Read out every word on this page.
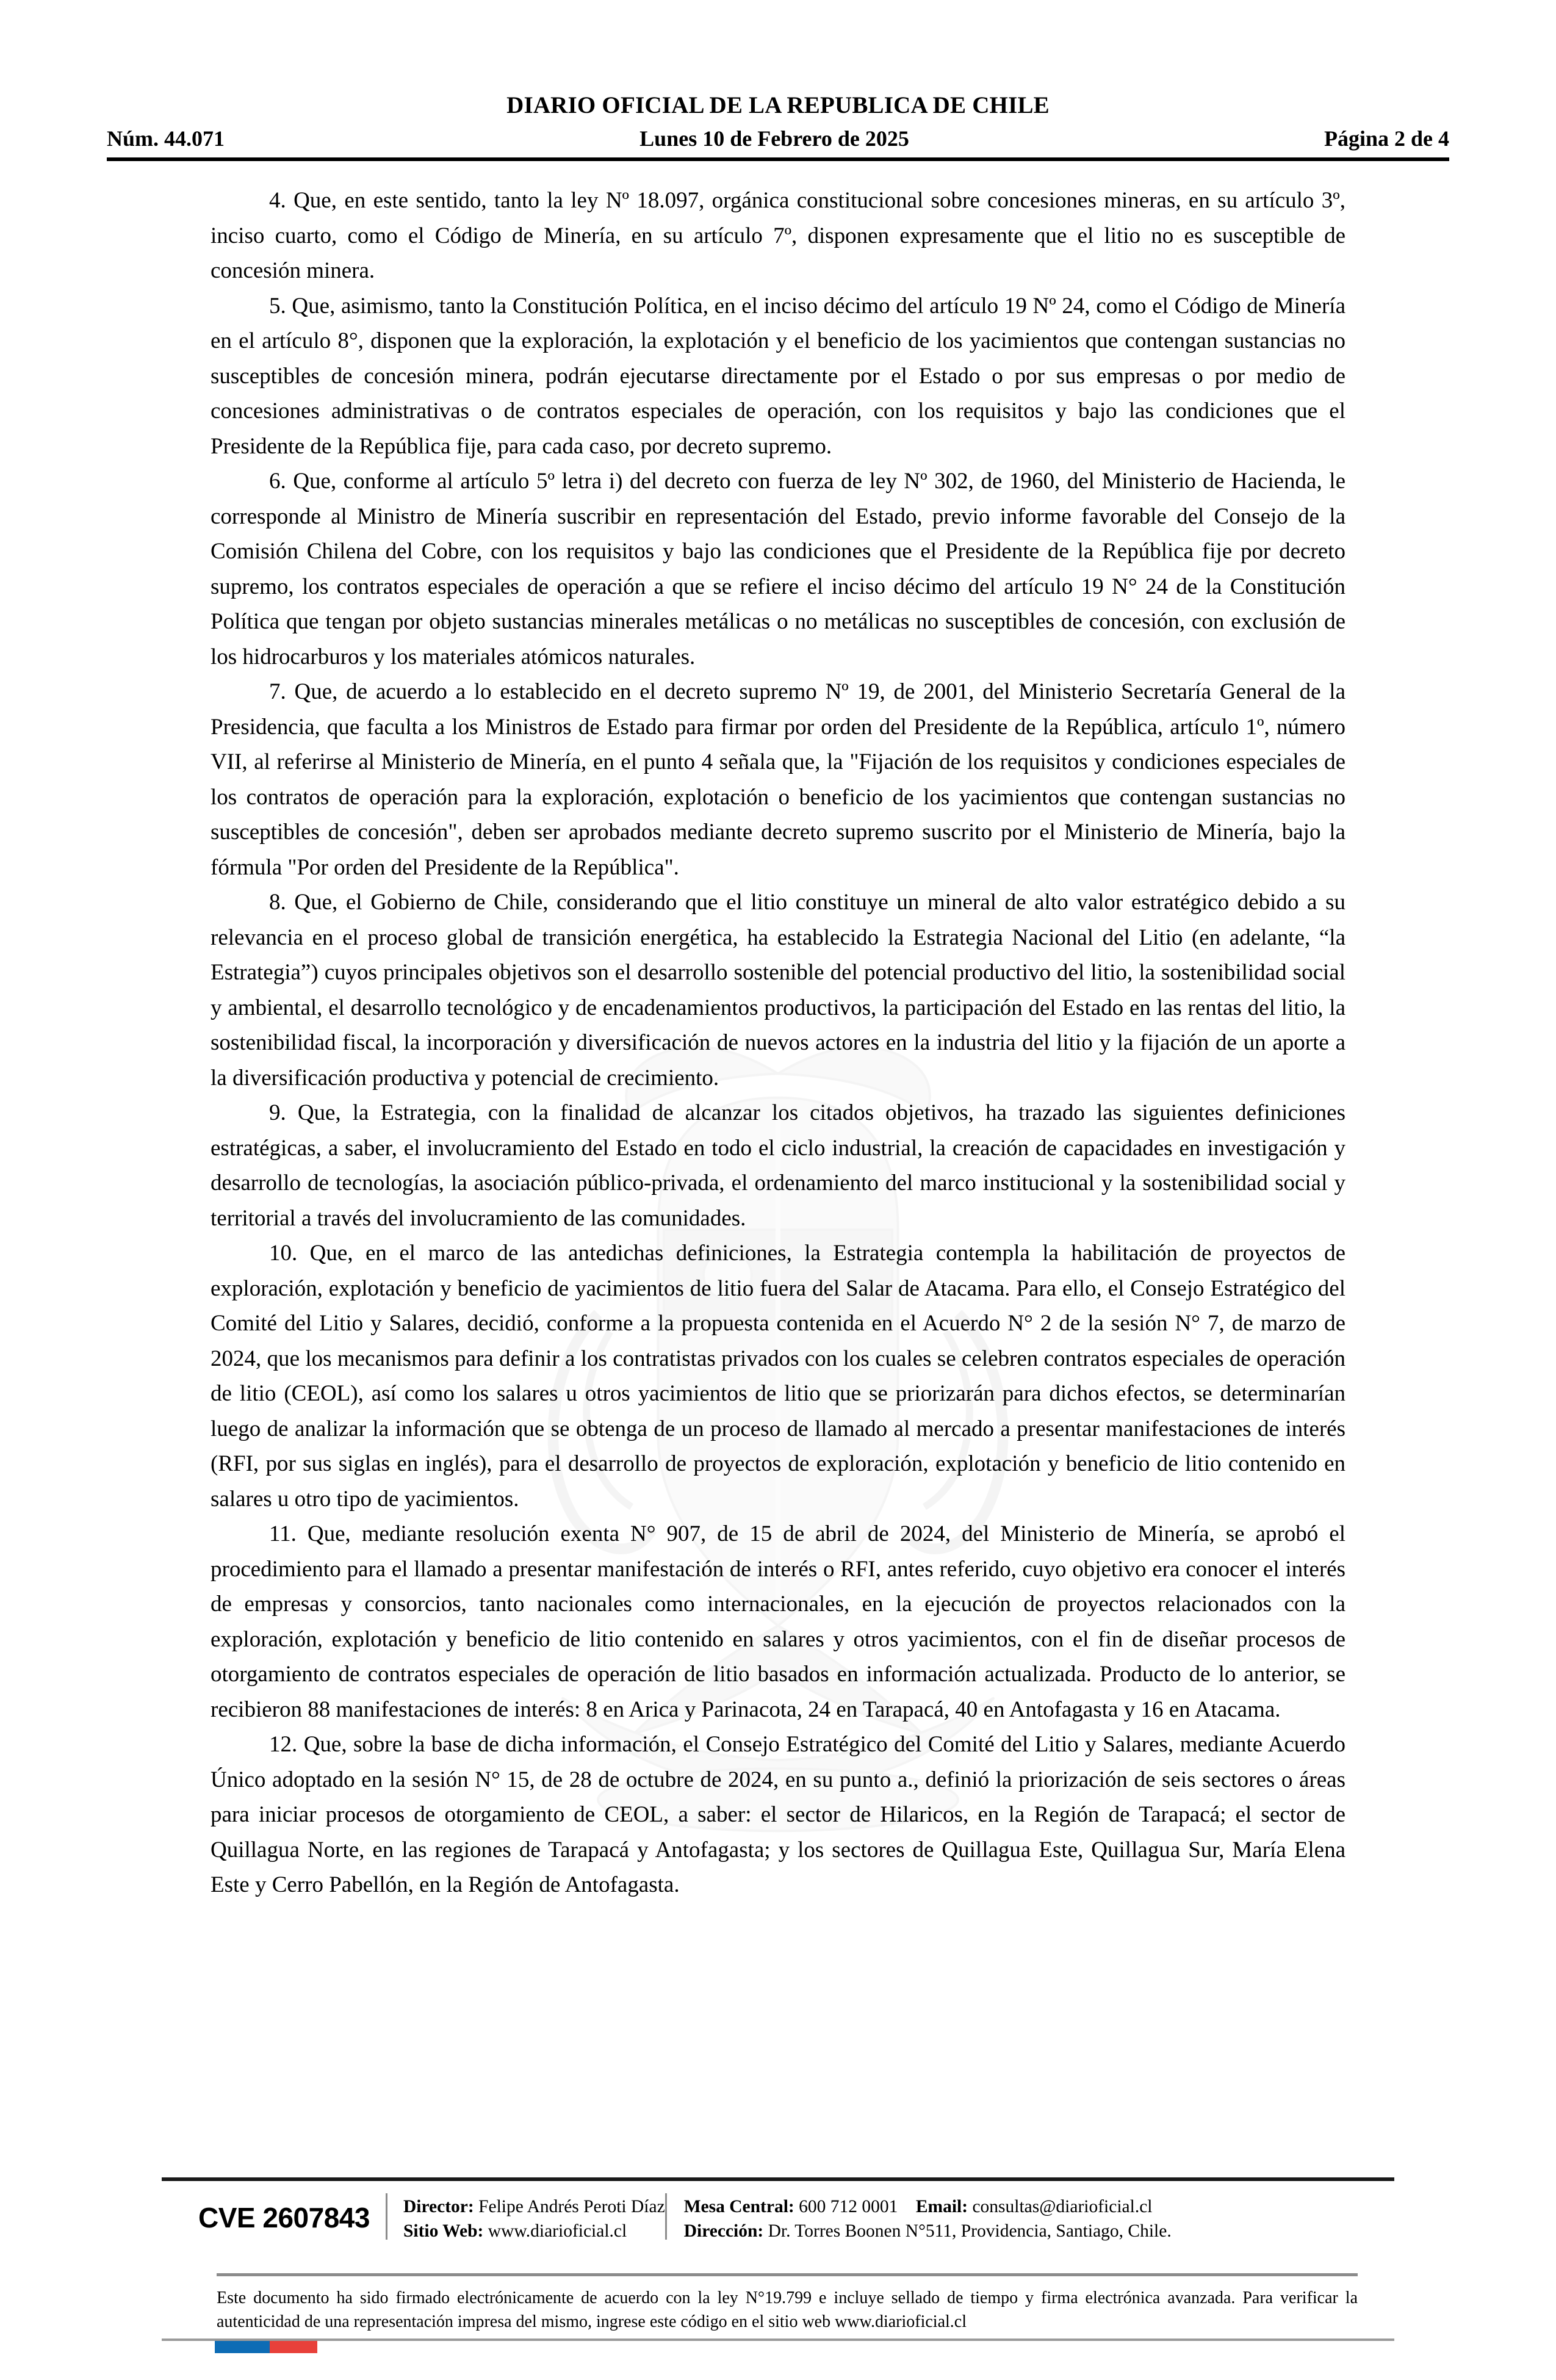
DIARIO OFICIAL DE LA REPUBLICA DE CHILE
Núm. 44.071	Lunes 10 de Febrero de 2025	Página 2 de 4

4. Que, en este sentido, tanto la ley Nº 18.097, orgánica constitucional sobre concesiones mineras, en su artículo 3º, inciso cuarto, como el Código de Minería, en su artículo 7º, disponen expresamente que el litio no es susceptible de concesión minera.

5. Que, asimismo, tanto la Constitución Política, en el inciso décimo del artículo 19 Nº 24, como el Código de Minería en el artículo 8°, disponen que la exploración, la explotación y el beneficio de los yacimientos que contengan sustancias no susceptibles de concesión minera, podrán ejecutarse directamente por el Estado o por sus empresas o por medio de concesiones administrativas o de contratos especiales de operación, con los requisitos y bajo las condiciones que el Presidente de la República fije, para cada caso, por decreto supremo.

6. Que, conforme al artículo 5º letra i) del decreto con fuerza de ley Nº 302, de 1960, del Ministerio de Hacienda, le corresponde al Ministro de Minería suscribir en representación del Estado, previo informe favorable del Consejo de la Comisión Chilena del Cobre, con los requisitos y bajo las condiciones que el Presidente de la República fije por decreto supremo, los contratos especiales de operación a que se refiere el inciso décimo del artículo 19 N° 24 de la Constitución Política que tengan por objeto sustancias minerales metálicas o no metálicas no susceptibles de concesión, con exclusión de los hidrocarburos y los materiales atómicos naturales.

7. Que, de acuerdo a lo establecido en el decreto supremo Nº 19, de 2001, del Ministerio Secretaría General de la Presidencia, que faculta a los Ministros de Estado para firmar por orden del Presidente de la República, artículo 1º, número VII, al referirse al Ministerio de Minería, en el punto 4 señala que, la "Fijación de los requisitos y condiciones especiales de los contratos de operación para la exploración, explotación o beneficio de los yacimientos que contengan sustancias no susceptibles de concesión", deben ser aprobados mediante decreto supremo suscrito por el Ministerio de Minería, bajo la fórmula "Por orden del Presidente de la República".

8. Que, el Gobierno de Chile, considerando que el litio constituye un mineral de alto valor estratégico debido a su relevancia en el proceso global de transición energética, ha establecido la Estrategia Nacional del Litio (en adelante, “la Estrategia”) cuyos principales objetivos son el desarrollo sostenible del potencial productivo del litio, la sostenibilidad social y ambiental, el desarrollo tecnológico y de encadenamientos productivos, la participación del Estado en las rentas del litio, la sostenibilidad fiscal, la incorporación y diversificación de nuevos actores en la industria del litio y la fijación de un aporte a la diversificación productiva y potencial de crecimiento.

9. Que, la Estrategia, con la finalidad de alcanzar los citados objetivos, ha trazado las siguientes definiciones estratégicas, a saber, el involucramiento del Estado en todo el ciclo industrial, la creación de capacidades en investigación y desarrollo de tecnologías, la asociación público-privada, el ordenamiento del marco institucional y la sostenibilidad social y territorial a través del involucramiento de las comunidades.

10. Que, en el marco de las antedichas definiciones, la Estrategia contempla la habilitación de proyectos de exploración, explotación y beneficio de yacimientos de litio fuera del Salar de Atacama. Para ello, el Consejo Estratégico del Comité del Litio y Salares, decidió, conforme a la propuesta contenida en el Acuerdo N° 2 de la sesión N° 7, de marzo de 2024, que los mecanismos para definir a los contratistas privados con los cuales se celebren contratos especiales de operación de litio (CEOL), así como los salares u otros yacimientos de litio que se priorizarán para dichos efectos, se determinarían luego de analizar la información que se obtenga de un proceso de llamado al mercado a presentar manifestaciones de interés (RFI, por sus siglas en inglés), para el desarrollo de proyectos de exploración, explotación y beneficio de litio contenido en salares u otro tipo de yacimientos.

11. Que, mediante resolución exenta N° 907, de 15 de abril de 2024, del Ministerio de Minería, se aprobó el procedimiento para el llamado a presentar manifestación de interés o RFI, antes referido, cuyo objetivo era conocer el interés de empresas y consorcios, tanto nacionales como internacionales, en la ejecución de proyectos relacionados con la exploración, explotación y beneficio de litio contenido en salares y otros yacimientos, con el fin de diseñar procesos de otorgamiento de contratos especiales de operación de litio basados en información actualizada. Producto de lo anterior, se recibieron 88 manifestaciones de interés: 8 en Arica y Parinacota, 24 en Tarapacá, 40 en Antofagasta y 16 en Atacama.

12. Que, sobre la base de dicha información, el Consejo Estratégico del Comité del Litio y Salares, mediante Acuerdo Único adoptado en la sesión N° 15, de 28 de octubre de 2024, en su punto a., definió la priorización de seis sectores o áreas para iniciar procesos de otorgamiento de CEOL, a saber: el sector de Hilaricos, en la Región de Tarapacá; el sector de Quillagua Norte, en las regiones de Tarapacá y Antofagasta; y los sectores de Quillagua Este, Quillagua Sur, María Elena Este y Cerro Pabellón, en la Región de Antofagasta.

CVE 2607843	Director: Felipe Andrés Peroti Díaz
Sitio Web: www.diarioficial.cl
Mesa Central: 600 712 0001 Email: consultas@diarioficial.cl
Dirección: Dr. Torres Boonen N°511, Providencia, Santiago, Chile.

Este documento ha sido firmado electrónicamente de acuerdo con la ley N°19.799 e incluye sellado de tiempo y firma electrónica avanzada. Para verificar la autenticidad de una representación impresa del mismo, ingrese este código en el sitio web www.diarioficial.cl
